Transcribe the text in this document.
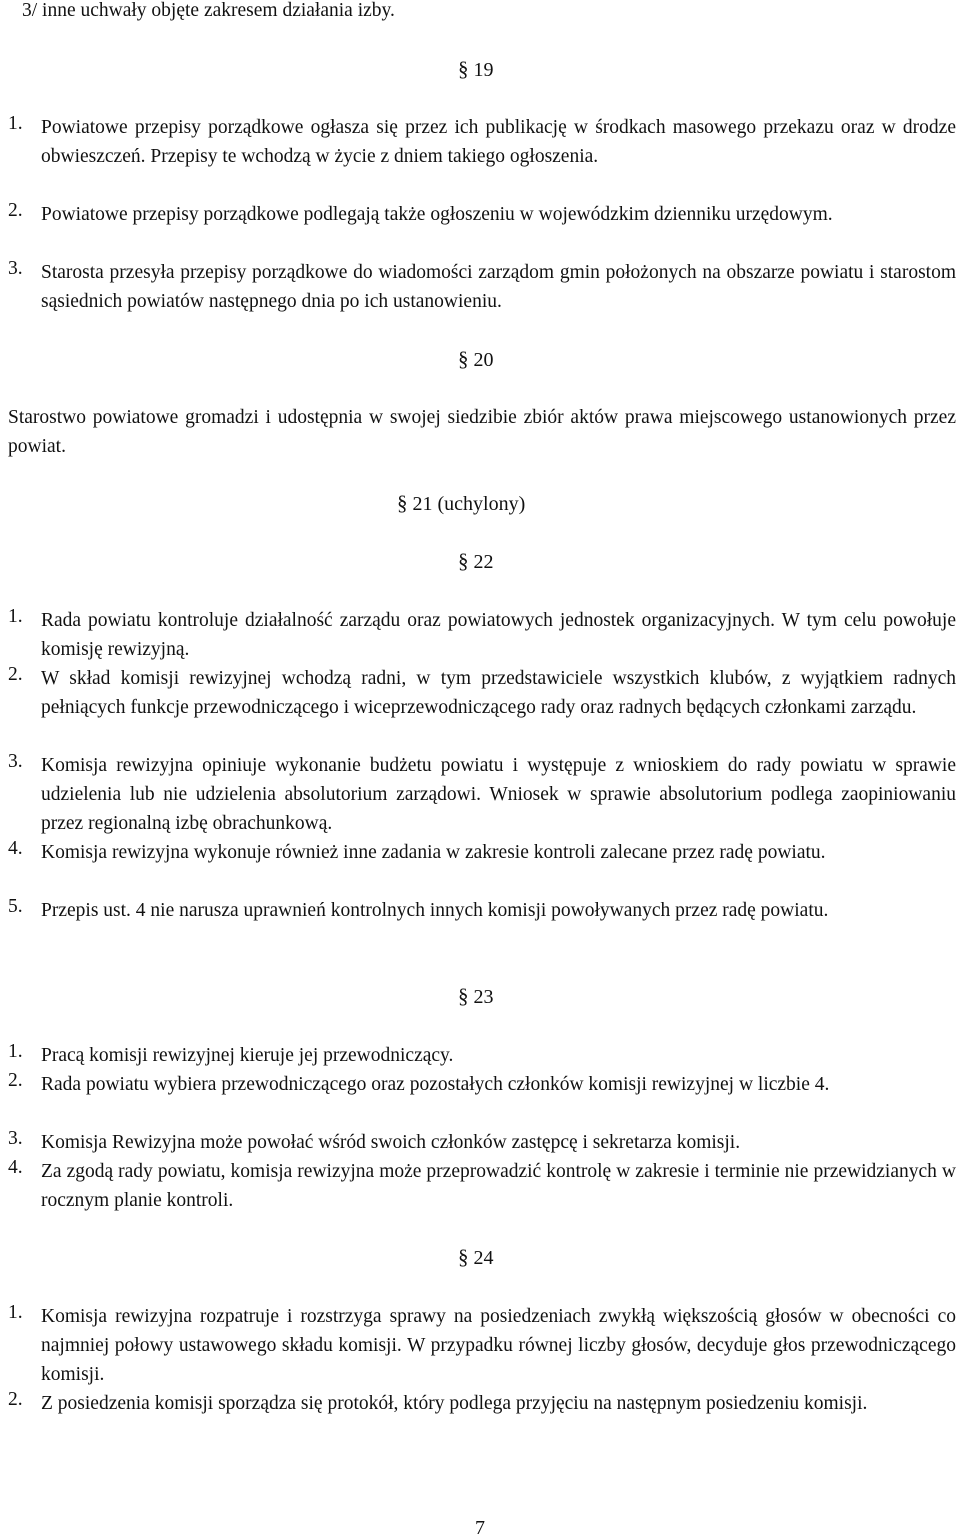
3/ inne uchwały objęte zakresem działania izby.
§ 19
1. Powiatowe przepisy porządkowe ogłasza się przez ich publikację w środkach masowego przekazu oraz w drodze obwieszczeń. Przepisy te wchodzą w życie z dniem takiego ogłoszenia.
2. Powiatowe przepisy porządkowe podlegają także ogłoszeniu w wojewódzkim dzienniku urzędowym.
3. Starosta przesyła przepisy porządkowe do wiadomości zarządom gmin położonych na obszarze powiatu i starostom sąsiednich powiatów następnego dnia po ich ustanowieniu.
§ 20
Starostwo powiatowe gromadzi i udostępnia w swojej siedzibie zbiór aktów prawa miejscowego ustanowionych przez powiat.
§ 21 (uchylony)
§ 22
1. Rada powiatu kontroluje działalność zarządu oraz powiatowych jednostek organizacyjnych. W tym celu powołuje komisję rewizyjną.
2. W skład komisji rewizyjnej wchodzą radni, w tym przedstawiciele wszystkich klubów, z wyjątkiem radnych pełniących funkcje przewodniczącego i wiceprzewodniczącego rady oraz radnych będących członkami zarządu.
3. Komisja rewizyjna opiniuje wykonanie budżetu powiatu i występuje z wnioskiem do rady powiatu w sprawie udzielenia lub nie udzielenia absolutorium zarządowi. Wniosek w sprawie absolutorium podlega zaopiniowaniu przez regionalną izbę obrachunkową.
4. Komisja rewizyjna wykonuje również inne zadania w zakresie kontroli zalecane przez radę powiatu.
5. Przepis ust. 4 nie narusza uprawnień kontrolnych innych komisji powoływanych przez radę powiatu.
§ 23
1. Pracą komisji rewizyjnej kieruje jej przewodniczący.
2. Rada powiatu wybiera przewodniczącego oraz pozostałych członków komisji rewizyjnej w liczbie 4.
3. Komisja Rewizyjna może powołać wśród swoich członków zastępcę i sekretarza komisji.
4. Za zgodą rady powiatu, komisja rewizyjna może przeprowadzić kontrolę w zakresie i terminie nie przewidzianych w rocznym planie kontroli.
§ 24
1. Komisja rewizyjna rozpatruje i rozstrzyga sprawy na posiedzeniach zwykłą większością głosów w obecności co najmniej połowy ustawowego składu komisji. W przypadku równej liczby głosów, decyduje głos przewodniczącego komisji.
2. Z posiedzenia komisji sporządza się protokół, który podlega przyjęciu na następnym posiedzeniu komisji.
7
